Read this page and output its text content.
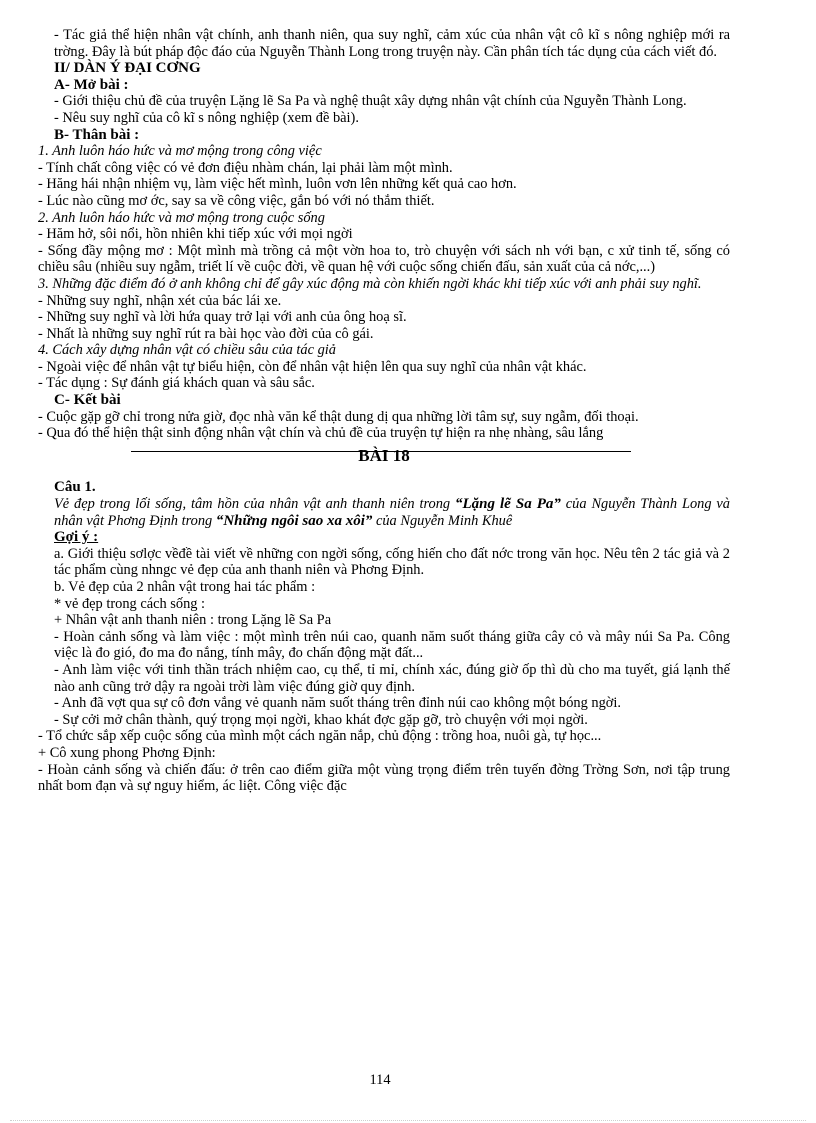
- Tác giả thể hiện nhân vật chính, anh thanh niên, qua suy nghĩ, cảm xúc của nhân vật cô kĩ s nông nghiệp mới ra trờng. Đây là bút pháp độc đáo của Nguyễn Thành Long trong truyện này. Cần phân tích tác dụng của cách viết đó.

II/ DÀN Ý ĐẠI CƠNG

A- Mở bài :

- Giới thiệu chủ đề của truyện Lặng lẽ Sa Pa và nghệ thuật xây dựng nhân vật chính của Nguyễn Thành Long.

- Nêu suy nghĩ của cô kĩ s nông nghiệp (xem đề bài).

B- Thân bài :

1. Anh luôn háo hức và mơ mộng trong công việc

- Tính chất công việc có vẻ đơn điệu nhàm chán, lại phải làm một mình.

- Hăng hái nhận nhiệm vụ, làm việc hết mình, luôn vơn lên những kết quả cao hơn.

- Lúc nào cũng mơ ớc, say sa về công việc, gắn bó với nó thắm thiết.

2. Anh luôn háo hức và mơ mộng trong cuộc sống

- Hăm hở, sôi nổi, hồn nhiên khi tiếp xúc với mọi ngời

- Sống đầy mộng mơ : Một mình mà trồng cả một vờn hoa to, trò chuyện với sách nh với bạn, c xử tinh tế, sống có chiều sâu (nhiều suy ngẫm, triết lí về cuộc đời, về quan hệ với cuộc sống chiến đấu, sản xuất của cả nớc,...)

3. Những đặc điểm đó ở anh không chỉ để gây xúc động mà còn khiến ngời khác khi tiếp xúc với anh phải suy nghĩ.

- Những suy nghĩ, nhận xét của bác lái xe.

- Những suy nghĩ và lời hứa quay trở lại với anh của ông hoạ sĩ.

- Nhất là những suy nghĩ rút ra bài học vào đời của cô gái.

4. Cách xây dựng nhân vật có chiều sâu của tác giả

- Ngoài việc để nhân vật tự biểu hiện, còn để nhân vật hiện lên qua suy nghĩ của nhân vật khác.

- Tác dụng : Sự đánh giá khách quan và sâu sắc.

C- Kết bài

- Cuộc gặp gỡ chỉ trong nửa giờ, đọc nhà văn kể thật dung dị qua những lời tâm sự, suy ngẫm, đối thoại.

- Qua đó thể hiện thật sinh động nhân vật chín và chủ đề của truyện tự hiện ra nhẹ nhàng, sâu lắng

BÀI 18

Câu 1.

Vẻ đẹp trong lối sống, tâm hồn của nhân vật anh thanh niên trong “Lặng lẽ Sa Pa” của Nguyễn Thành Long và nhân vật Phơng Định trong “Những ngôi sao xa xôi” của Nguyễn Minh Khuê

Gợi ý :

a. Giới thiệu sơlợc vềđề tài viết về những con ngời sống, cống hiến cho đất nớc trong văn học. Nêu tên 2 tác giả và 2 tác phẩm cùng nhngc vẻ đẹp của anh thanh niên và Phơng Định.

b. Vẻ đẹp của 2 nhân vật trong hai tác phẩm :

* vẻ đẹp trong cách sống :

+ Nhân vật anh thanh niên : trong Lặng lẽ Sa Pa

- Hoàn cảnh sống và làm việc : một mình trên núi cao, quanh năm suốt tháng giữa cây cỏ và mây núi Sa Pa. Công việc là đo gió, đo ma đo nắng, tính mây, đo chấn động mặt đất...

- Anh làm việc với tinh thần trách nhiệm cao, cụ thể, tỉ mỉ, chính xác, đúng giờ ốp thì dù cho ma tuyết, giá lạnh thế nào anh cũng trở dậy ra ngoài trời làm việc đúng giờ quy định.

- Anh đã vợt qua sự cô đơn vắng vẻ quanh năm suốt tháng trên đỉnh núi cao không một bóng ngời.

- Sự cởi mở chân thành, quý trọng mọi ngời, khao khát đợc gặp gỡ, trò chuyện với mọi ngời.

- Tổ chức sắp xếp cuộc sống của mình một cách ngăn nắp, chủ động : trồng hoa, nuôi gà, tự học...

+ Cô xung phong Phơng Định:

- Hoàn cảnh sống và chiến đấu: ở trên cao điểm giữa một vùng trọng điểm trên tuyến đờng Trờng Sơn, nơi tập trung nhất bom đạn và sự nguy hiểm, ác liệt. Công việc đặc

114
